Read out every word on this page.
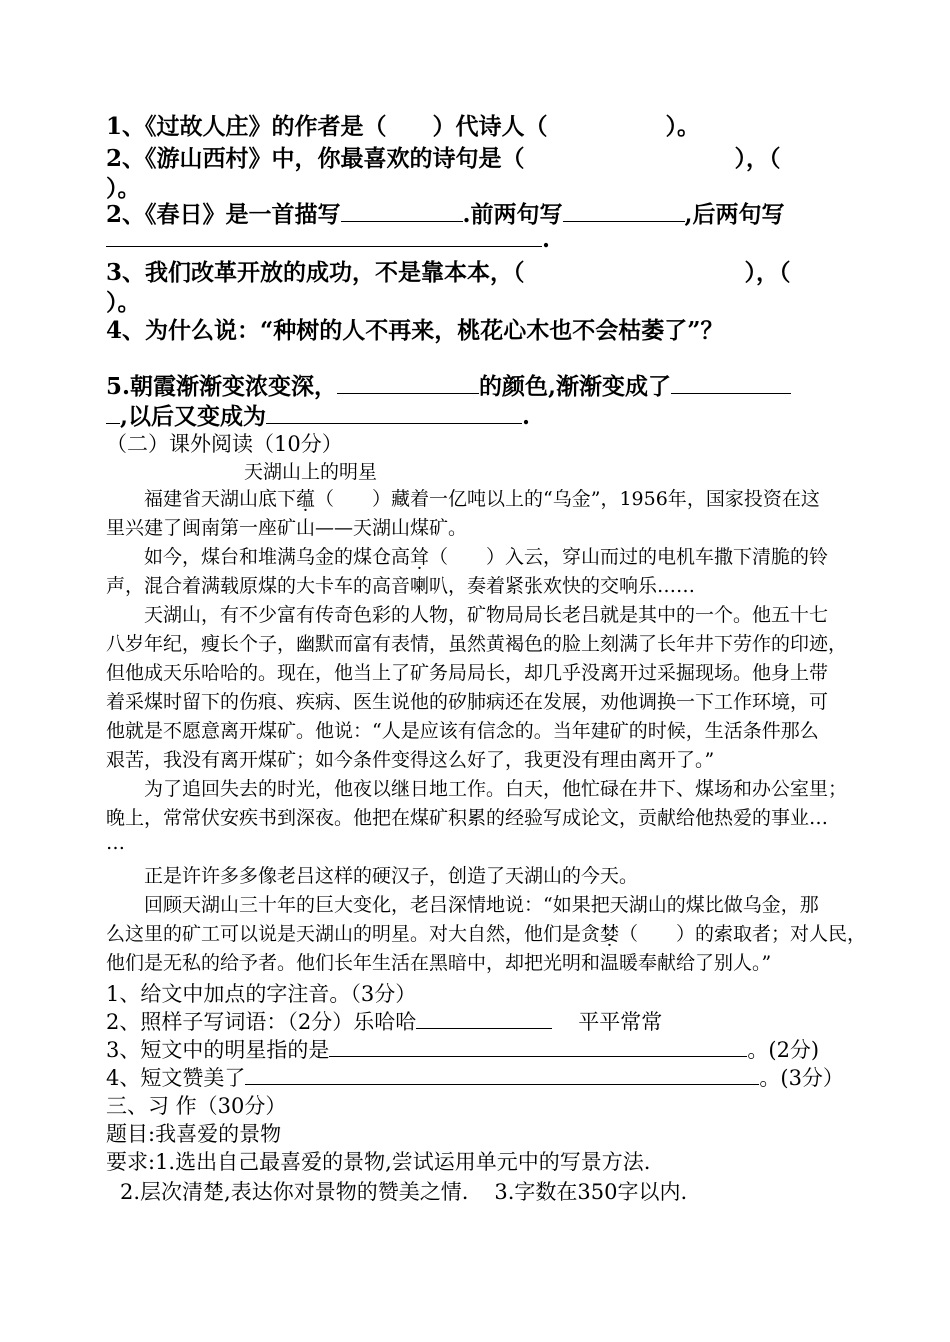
1、《过故人庄》的作者是（ ）代诗人（	）。
2、《游山西村》中，你最喜欢的诗句是（	），（
）。
2、《春日》是一首描写	.前两句写	,后两句写
.
3、我们改革开放的成功，不是靠本本，（	），（
）。
4、为什么说：“种树的人不再来，桃花心木也不会枯萎了”？
5.朝霞渐渐变浓变深，	的颜色,渐渐变成了
,以后又变成为	.
（二）课外阅读（10分）
天湖山上的明星
福建省天湖山底下蕴（　　）藏着一亿吨以上的“乌金”，1956年，国家投资在这
里兴建了闽南第一座矿山——天湖山煤矿。
如今，煤台和堆满乌金的煤仓高耸（　　）入云，穿山而过的电机车撒下清脆的铃
声，混合着满载原煤的大卡车的高音喇叭，奏着紧张欢快的交响乐……
天湖山，有不少富有传奇色彩的人物，矿物局局长老吕就是其中的一个。他五十七
八岁年纪，瘦长个子，幽默而富有表情，虽然黄褐色的脸上刻满了长年井下劳作的印迹，
但他成天乐哈哈的。现在，他当上了矿务局局长，却几乎没离开过采掘现场。他身上带
着采煤时留下的伤痕、疾病、医生说他的矽肺病还在发展，劝他调换一下工作环境，可
他就是不愿意离开煤矿。他说：“人是应该有信念的。当年建矿的时候，生活条件那么
艰苦，我没有离开煤矿；如今条件变得这么好了，我更没有理由离开了。”
为了追回失去的时光，他夜以继日地工作。白天，他忙碌在井下、煤场和办公室里；
晚上，常常伏安疾书到深夜。他把在煤矿积累的经验写成论文，贡献给他热爱的事业…
…
正是许许多多像老吕这样的硬汉子，创造了天湖山的今天。
回顾天湖山三十年的巨大变化，老吕深情地说：“如果把天湖山的煤比做乌金，那
么这里的矿工可以说是天湖山的明星。对大自然，他们是贪婪（　　）的索取者；对人民，
他们是无私的给予者。他们长年生活在黑暗中，却把光明和温暖奉献给了别人。”
1、给文中加点的字注音。（3分）
2、照样子写词语：（2分）乐哈哈	平平常常
3、短文中的明星指的是	。(2分)
4、短文赞美了	。(3分）
三、习 作（30分）
题目:我喜爱的景物
要求:1.选出自己最喜爱的景物,尝试运用单元中的写景方法.
2.层次清楚,表达你对景物的赞美之情. 3.字数在350字以内.
